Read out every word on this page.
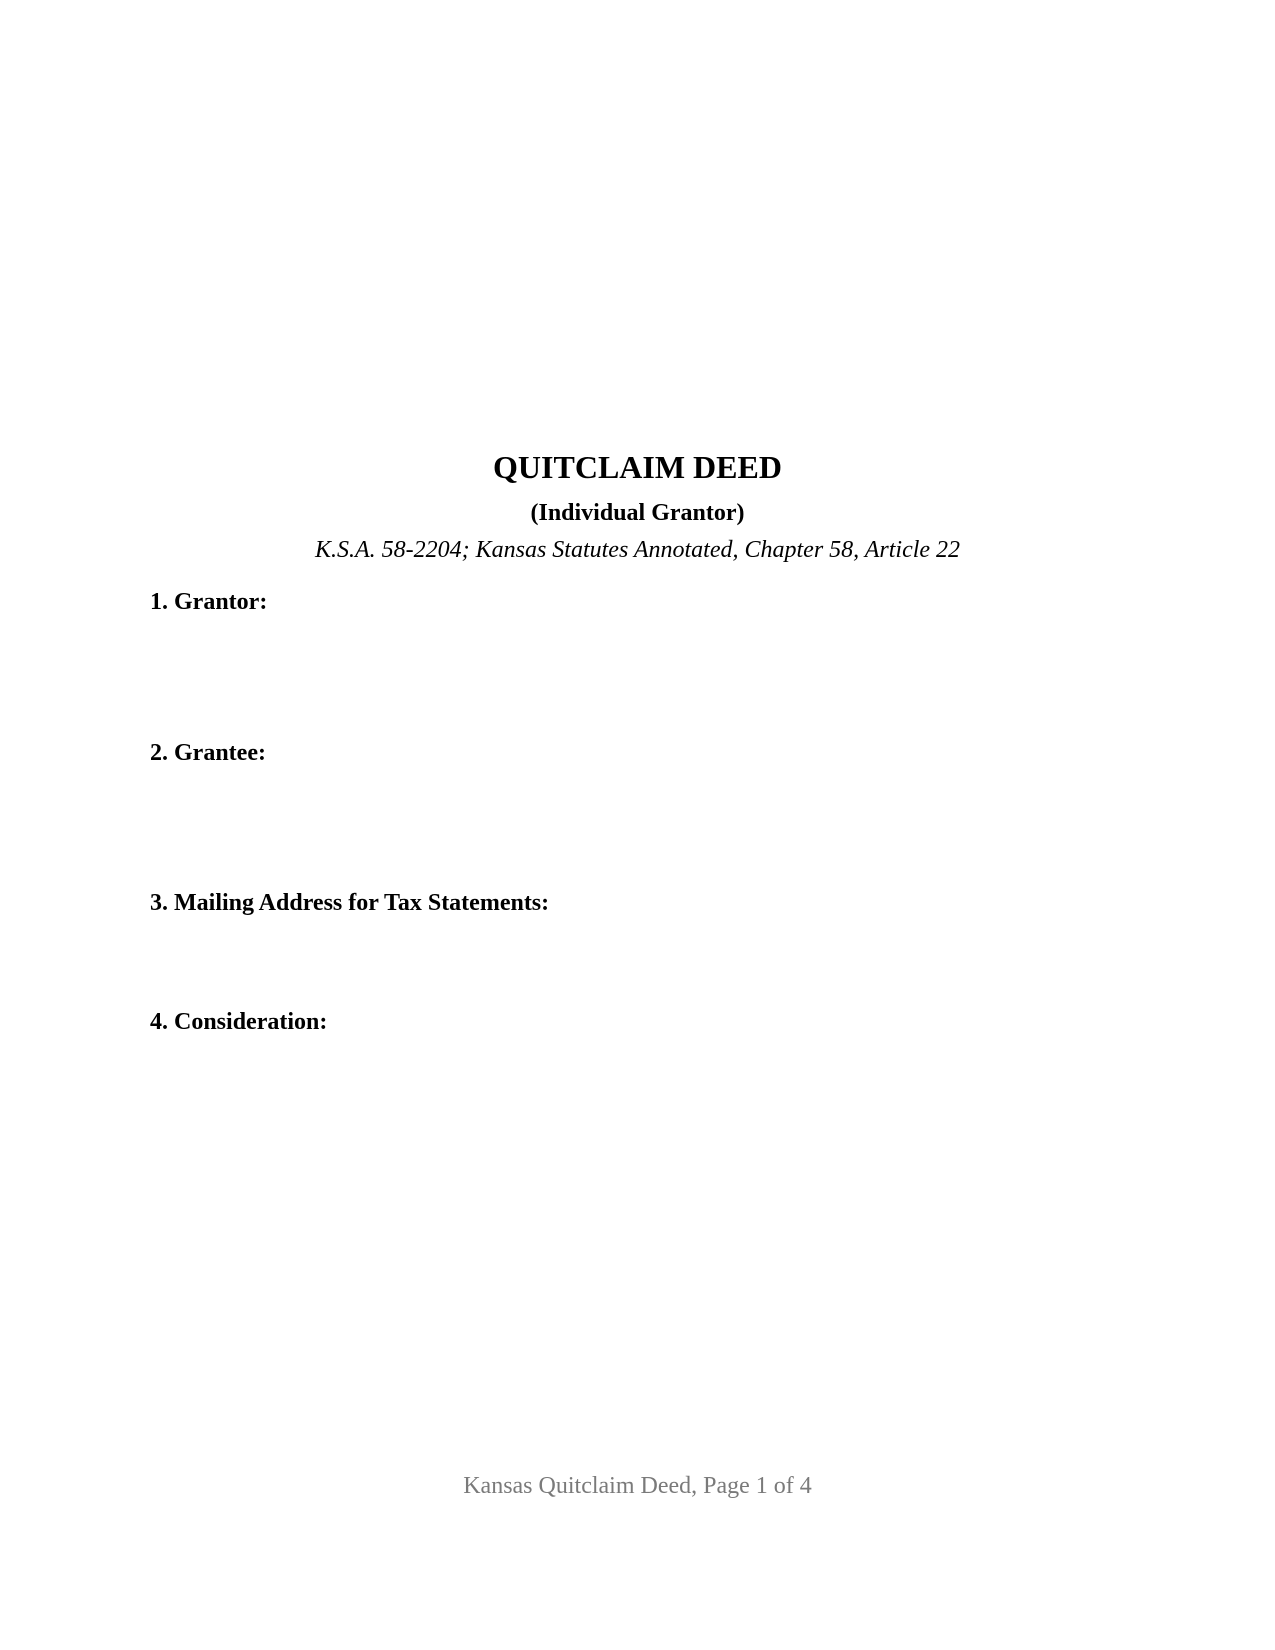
QUITCLAIM DEED
(Individual Grantor)

K.S.A. 58-2204; Kansas Statutes Annotated, Chapter 58, Article 22

1. Grantor:
2. Grantee:
3. Mailing Address for Tax Statements:
4. Consideration:

Kansas Quitclaim Deed, Page 1 of 4
